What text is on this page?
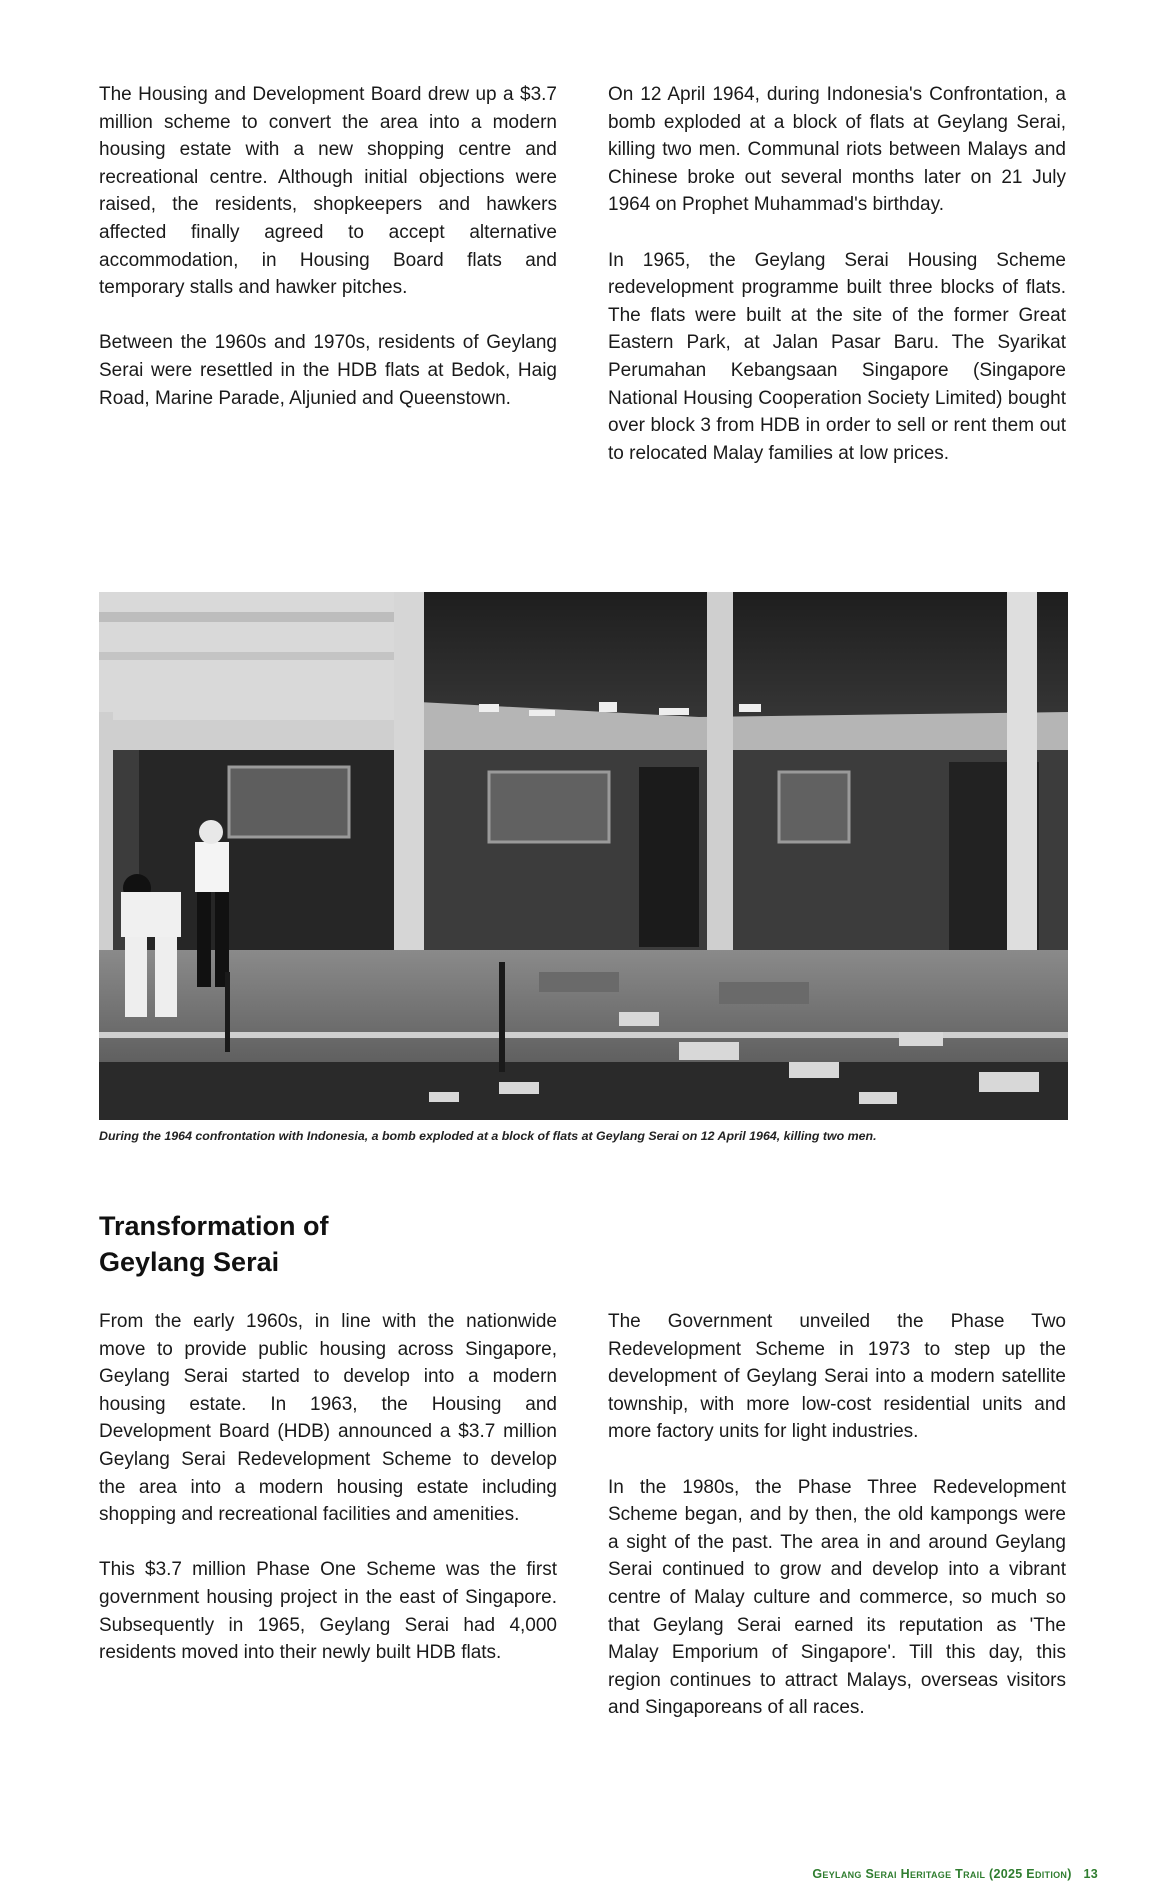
The Housing and Development Board drew up a $3.7 million scheme to convert the area into a modern housing estate with a new shopping centre and recreational centre. Although initial objections were raised, the residents, shopkeepers and hawkers affected finally agreed to accept alternative accommodation, in Housing Board flats and temporary stalls and hawker pitches.

Between the 1960s and 1970s, residents of Geylang Serai were resettled in the HDB flats at Bedok, Haig Road, Marine Parade, Aljunied and Queenstown.

On 12 April 1964, during Indonesia's Confrontation, a bomb exploded at a block of flats at Geylang Serai, killing two men. Communal riots between Malays and Chinese broke out several months later on 21 July 1964 on Prophet Muhammad's birthday.

In 1965, the Geylang Serai Housing Scheme redevelopment programme built three blocks of flats. The flats were built at the site of the former Great Eastern Park, at Jalan Pasar Baru. The Syarikat Perumahan Kebangsaan Singapore (Singapore National Housing Cooperation Society Limited) bought over block 3 from HDB in order to sell or rent them out to relocated Malay families at low prices.

During the 1964 confrontation with Indonesia, a bomb exploded at a block of flats at Geylang Serai on 12 April 1964, killing two men.
Transformation of
Geylang Serai

From the early 1960s, in line with the nationwide move to provide public housing across Singapore, Geylang Serai started to develop into a modern housing estate. In 1963, the Housing and Development Board (HDB) announced a $3.7 million Geylang Serai Redevelopment Scheme to develop the area into a modern housing estate including shopping and recreational facilities and amenities.

This $3.7 million Phase One Scheme was the first government housing project in the east of Singapore. Subsequently in 1965, Geylang Serai had 4,000 residents moved into their newly built HDB flats.

The Government unveiled the Phase Two Redevelopment Scheme in 1973 to step up the development of Geylang Serai into a modern satellite township, with more low-cost residential units and more factory units for light industries.

In the 1980s, the Phase Three Redevelopment Scheme began, and by then, the old kampongs were a sight of the past. The area in and around Geylang Serai continued to grow and develop into a vibrant centre of Malay culture and commerce, so much so that Geylang Serai earned its reputation as 'The Malay Emporium of Singapore'. Till this day, this region continues to attract Malays, overseas visitors and Singaporeans of all races.

Geylang Serai Heritage Trail (2025 Edition) 13
